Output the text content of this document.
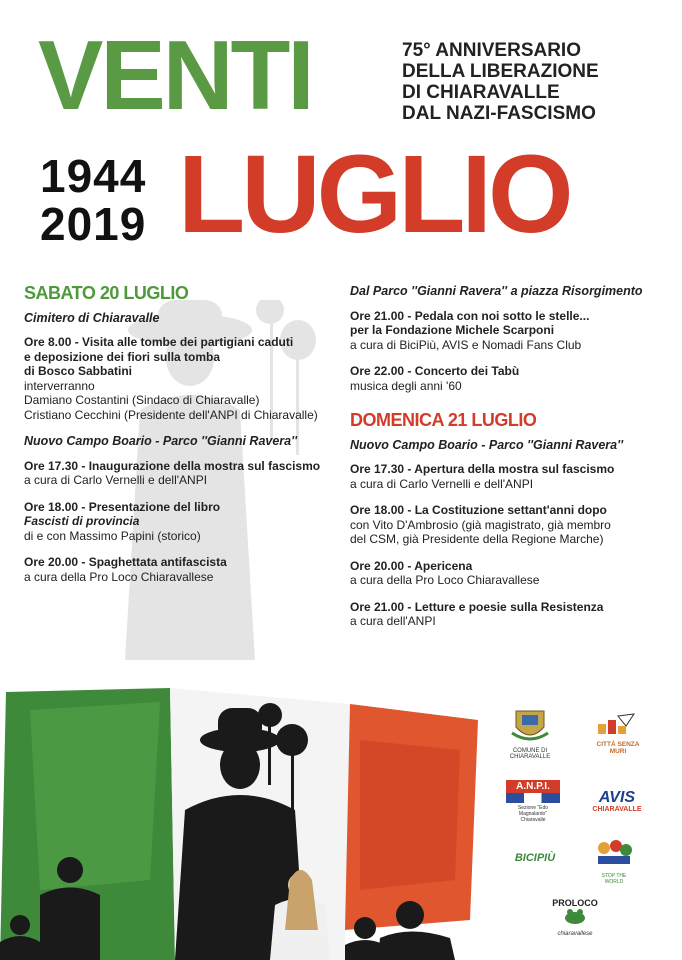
VENTI	75° ANNIVERSARIO
DELLA LIBERAZIONE
DI CHIARAVALLE
DAL NAZI-FASCISMO
1944
2019 LUGLIO
SABATO 20 LUGLIO
Cimitero di Chiaravalle
Ore 8.00 - Visita alle tombe dei partigiani caduti
e deposizione dei fiori sulla tomba
di Bosco Sabbatini
interverranno
Damiano Costantini (Sindaco di Chiaravalle)
Cristiano Cecchini (Presidente dell'ANPI di Chiaravalle)
Nuovo Campo Boario - Parco ''Gianni Ravera''
Ore 17.30 - Inaugurazione della mostra sul fascismo
a cura di Carlo Vernelli e dell'ANPI
Ore 18.00 - Presentazione del libro
Fascisti di provincia
di e con Massimo Papini (storico)
Ore 20.00 - Spaghettata antifascista
a cura della Pro Loco Chiaravallese
Dal Parco ''Gianni Ravera'' a piazza Risorgimento
Ore 21.00 - Pedala con noi sotto le stelle...
per la Fondazione Michele Scarponi
a cura di BiciPiù, AVIS e Nomadi Fans Club
Ore 22.00 - Concerto dei Tabù
musica degli anni '60
DOMENICA 21 LUGLIO
Nuovo Campo Boario - Parco ''Gianni Ravera''
Ore 17.30 - Apertura della mostra sul fascismo
a cura di Carlo Vernelli e dell'ANPI
Ore 18.00 - La Costituzione settant'anni dopo
con Vito D'Ambrosio (già magistrato, già membro
del CSM, già Presidente della Regione Marche)
Ore 20.00 - Apericena
a cura della Pro Loco Chiaravallese
Ore 21.00 - Letture e poesie sulla Resistenza
a cura dell'ANPI
COMUNE DI CHIARAVALLE
CITTÀ SENZA MURI
A.N.P.I.
Sezione "Edo Magnalardo" Chiaravalle
AVIS
CHIARAVALLE
BICIPIÙ
STOP THE WORLD
PROLOCO
chiaravallese
